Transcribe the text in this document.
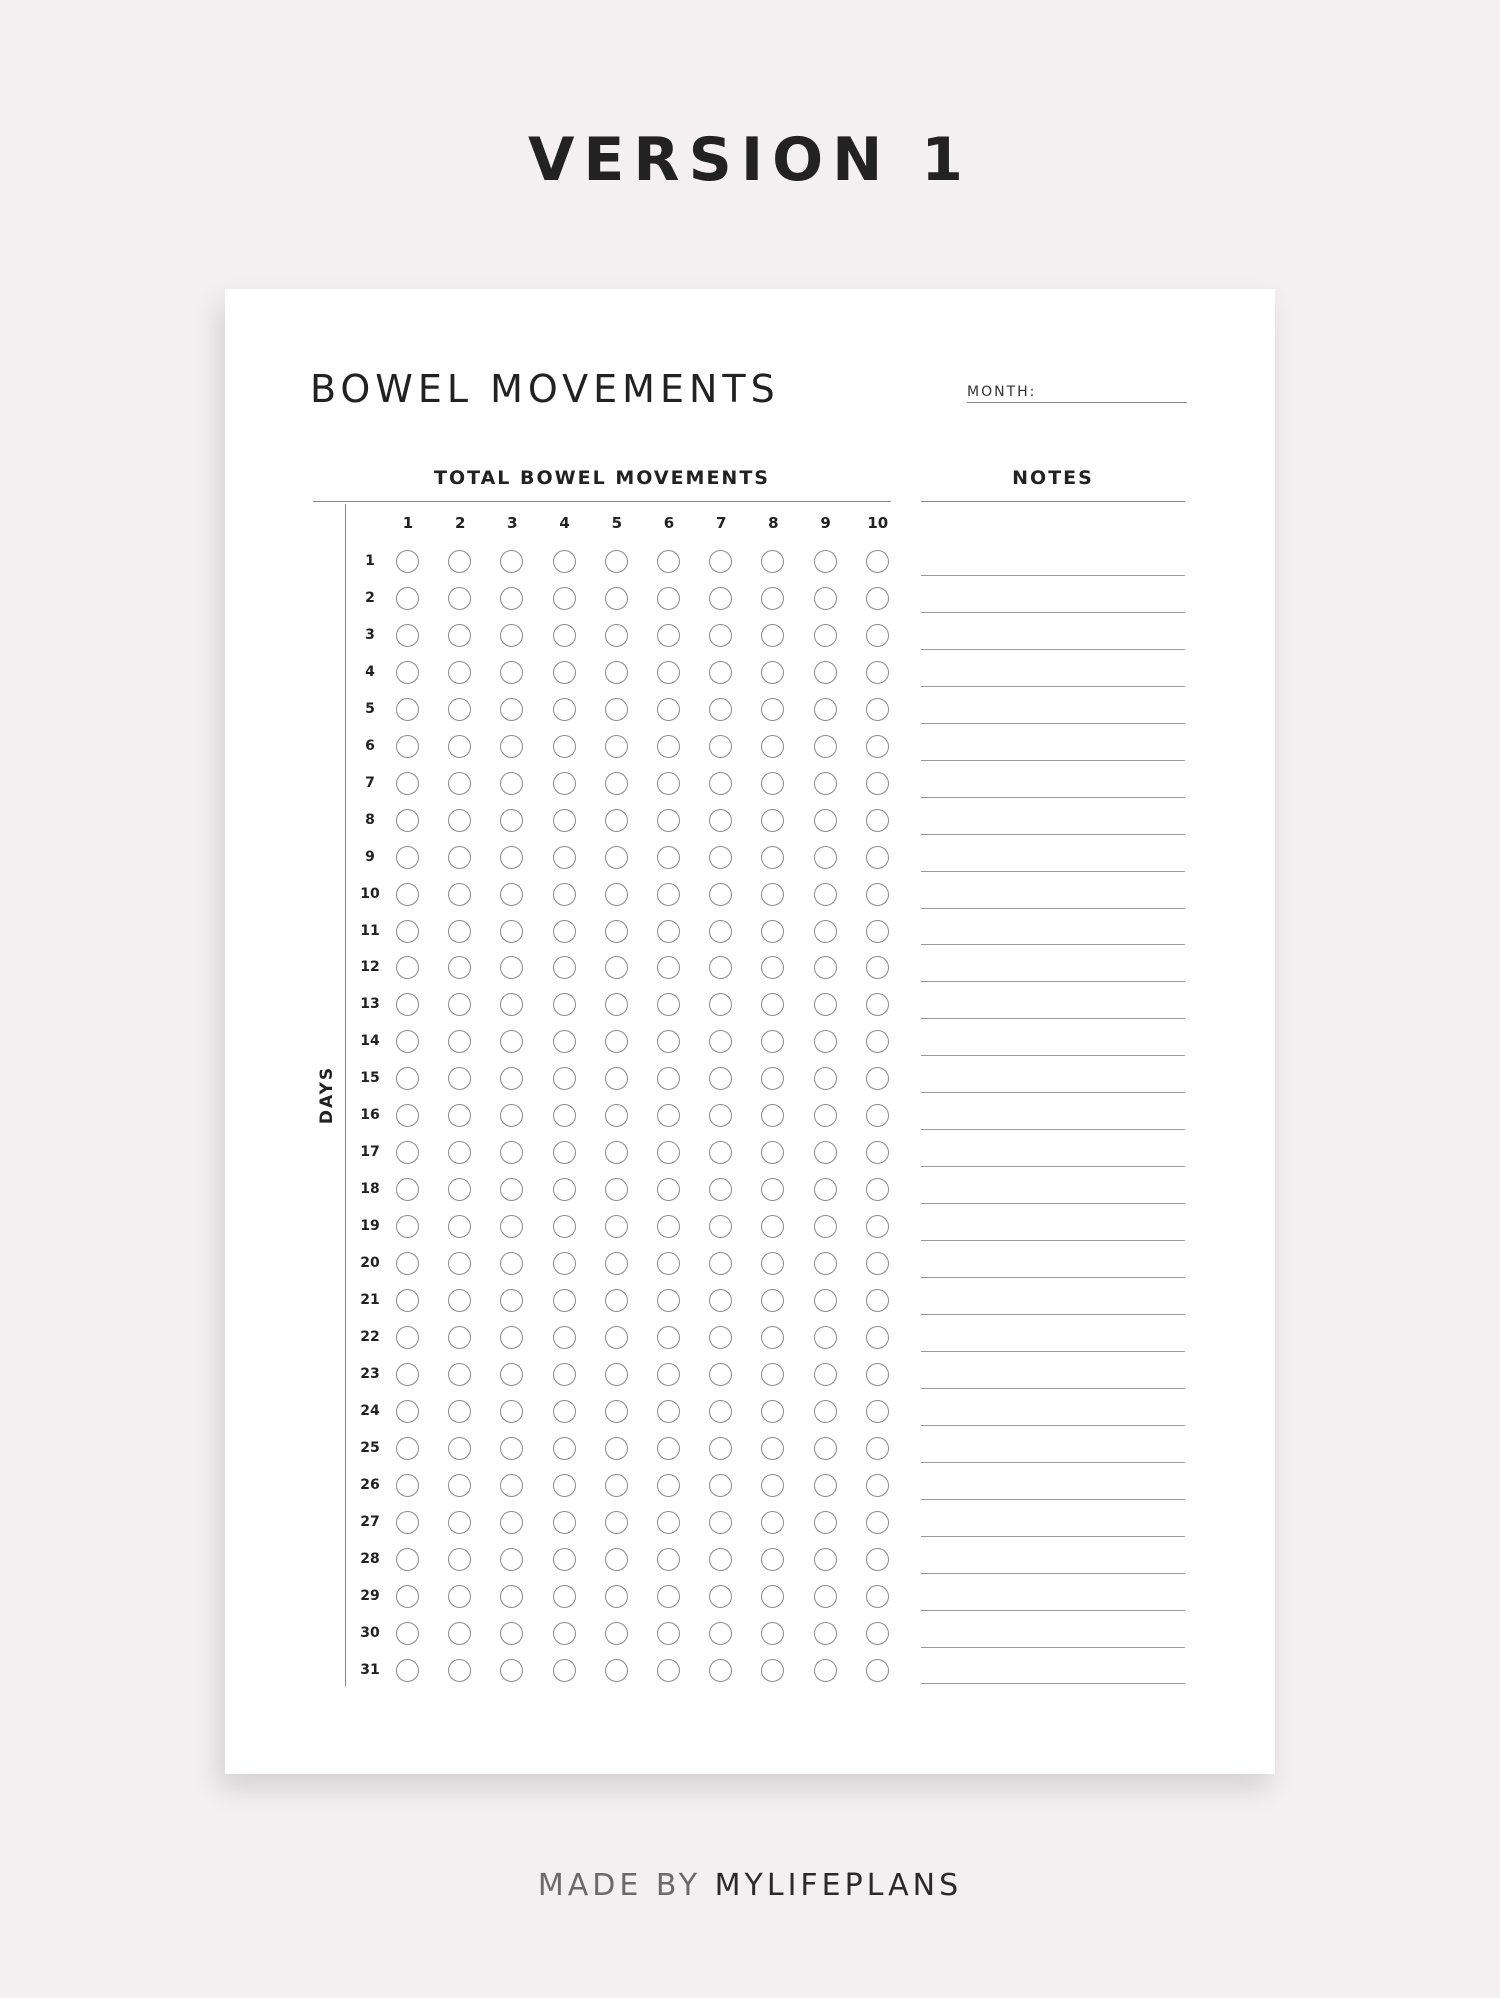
VERSION 1
BOWEL MOVEMENTS	MONTH:
TOTAL BOWEL MOVEMENTS	NOTES
DAYS
1	2	3	4	5	6	7	8	9	10
1
2
3
4
5
6
7
8
9
10
11
12
13
14
15
16
17
18
19
20
21
22
23
24
25
26
27
28
29
30
31
MADE BY MYLIFEPLANS
